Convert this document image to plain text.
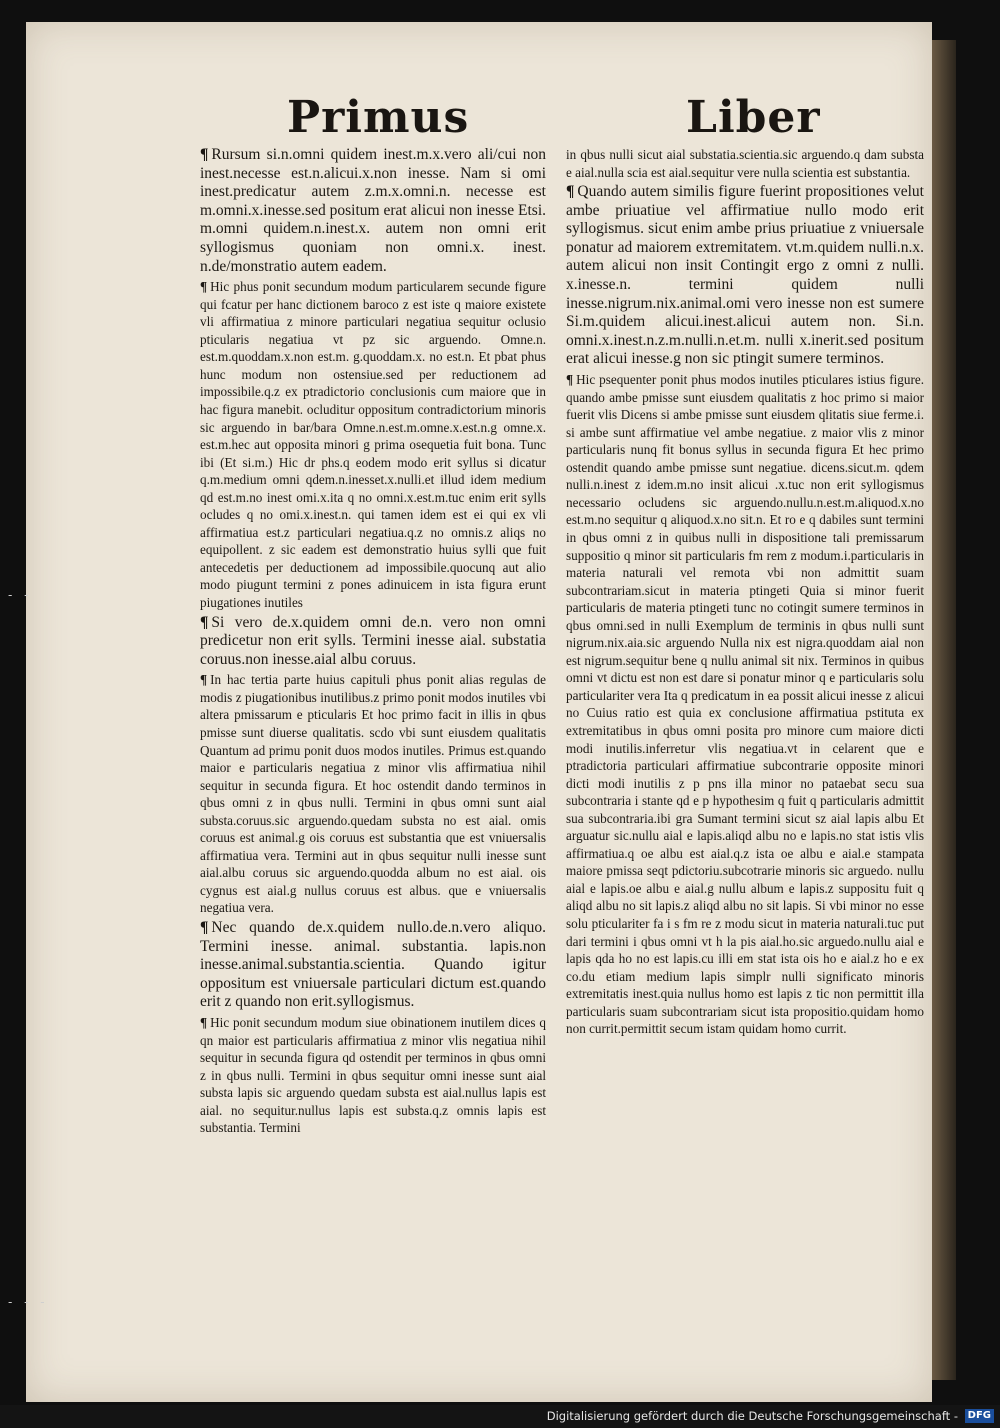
Primus	Liber

¶ Rursum si.n.omni quidem inest.m.x.vero ali/cui non inest.necesse est.n.alicui.x.non inesse. Nam si omi inest.predicatur autem z.m.x.omni.n. necesse est m.omni.x.inesse.sed positum erat alicui non inesse Etsi. m.omni quidem.n.inest.x. autem non omni erit syllogismus quoniam non omni.x. inest. n.de/monstratio autem eadem.

¶ Hic phus ponit secundum modum particularem secunde figure qui fcatur per hanc dictionem baroco z est iste q maiore existete vli affirmatiua z minore particulari negatiua sequitur oclusio pticularis negatiua vt pz sic arguendo. Omne.n. est.m.quoddam.x.non est.m. g.quoddam.x. no est.n. Et pbat phus hunc modum non ostensiue.sed per reductionem ad impossibile.q.z ex ptradictorio conclusionis cum maiore que in hac figura manebit. ocluditur oppositum contradictorium minoris sic arguendo in bar/bara Omne.n.est.m.omne.x.est.n.g omne.x. est.m.hec aut opposita minori g prima osequetia fuit bona. Tunc ibi (Et si.m.) Hic dr phs.q eodem modo erit syllus si dicatur q.m.medium omni qdem.n.inesset.x.nulli.et illud idem medium qd est.m.no inest omi.x.ita q no omni.x.est.m.tuc enim erit sylls ocludes q no omi.x.inest.n. qui tamen idem est ei qui ex vli affirmatiua est.z particulari negatiua.q.z no omnis.z aliqs no equipollent. z sic eadem est demonstratio huius sylli que fuit antecedetis per deductionem ad impossibile.quocunq aut alio modo piugunt termini z pones adinuicem in ista figura erunt piugationes inutiles

¶ Si vero de.x.quidem omni de.n. vero non omni predicetur non erit sylls. Termini inesse aial. substatia coruus.non inesse.aial albu coruus.

¶ In hac tertia parte huius capituli phus ponit alias regulas de modis z piugationibus inutilibus.z primo ponit modos inutiles vbi altera pmissarum e pticularis Et hoc primo facit in illis in qbus pmisse sunt diuerse qualitatis. scdo vbi sunt eiusdem qualitatis Quantum ad primu ponit duos modos inutiles. Primus est.quando maior e particularis negatiua z minor vlis affirmatiua nihil sequitur in secunda figura. Et hoc ostendit dando terminos in qbus omni z in qbus nulli. Termini in qbus omni sunt aial substa.coruus.sic arguendo.quedam substa no est aial. omis coruus est animal.g ois coruus est substantia que est vniuersalis affirmatiua vera. Termini aut in qbus sequitur nulli inesse sunt aial.albu coruus sic arguendo.quodda album no est aial. ois cygnus est aial.g nullus coruus est albus. que e vniuersalis negatiua vera.

¶ Nec quando de.x.quidem nullo.de.n.vero aliquo. Termini inesse. animal. substantia. lapis.non inesse.animal.substantia.scientia. Quando igitur oppositum est vniuersale particulari dictum est.quando erit z quando non erit.syllogismus.

¶ Hic ponit secundum modum siue obinationem inutilem dices q qn maior est particularis affirmatiua z minor vlis negatiua nihil sequitur in secunda figura qd ostendit per terminos in qbus omni z in qbus nulli. Termini in qbus sequitur omni inesse sunt aial substa lapis sic arguendo quedam substa est aial.nullus lapis est aial. no sequitur.nullus lapis est substa.q.z omnis lapis est substantia. Termini

in qbus nulli sicut aial substatia.scientia.sic arguendo.q dam substa e aial.nulla scia est aial.sequitur vere nulla scientia est substantia.

¶ Quando autem similis figure fuerint propositiones velut ambe priuatiue vel affirmatiue nullo modo erit syllogismus. sicut enim ambe prius priuatiue z vniuersale ponatur ad maiorem extremitatem. vt.m.quidem nulli.n.x. autem alicui non insit Contingit ergo z omni z nulli. x.inesse.n. termini quidem nulli inesse.nigrum.nix.animal.omi vero inesse non est sumere Si.m.quidem alicui.inest.alicui autem non. Si.n. omni.x.inest.n.z.m.nulli.n.et.m. nulli x.inerit.sed positum erat alicui inesse.g non sic ptingit sumere terminos.

¶ Hic psequenter ponit phus modos inutiles pticulares istius figure. quando ambe pmisse sunt eiusdem qualitatis z hoc primo si maior fuerit vlis Dicens si ambe pmisse sunt eiusdem qlitatis siue ferme.i. si ambe sunt affirmatiue vel ambe negatiue. z maior vlis z minor particularis nunq fit bonus syllus in secunda figura Et hec primo ostendit quando ambe pmisse sunt negatiue. dicens.sicut.m. qdem nulli.n.inest z idem.m.no insit alicui .x.tuc non erit syllogismus necessario ocludens sic arguendo.nullu.n.est.m.aliquod.x.no est.m.no sequitur q aliquod.x.no sit.n. Et ro e q dabiles sunt termini in qbus omni z in quibus nulli in dispositione tali premissarum suppositio q minor sit particularis fm rem z modum.i.particularis in materia naturali vel remota vbi non admittit suam subcontrariam.sicut in materia ptingeti Quia si minor fuerit particularis de materia ptingeti tunc no cotingit sumere terminos in qbus omni.sed in nulli Exemplum de terminis in qbus nulli sunt nigrum.nix.aia.sic arguendo Nulla nix est nigra.quoddam aial non est nigrum.sequitur bene q nullu animal sit nix. Terminos in quibus omni vt dictu est non est dare si ponatur minor q e particularis solu particulariter vera Ita q predicatum in ea possit alicui inesse z alicui no Cuius ratio est quia ex conclusione affirmatiua pstituta ex extremitatibus in qbus omni posita pro minore cum maiore dicti modi inutilis.inferretur vlis negatiua.vt in celarent que e ptradictoria particulari affirmatiue subcontrarie opposite minori dicti modi inutilis z p pns illa minor no pataebat secu sua subcontraria i stante qd e p hypothesim q fuit q particularis admittit sua subcontraria.ibi gra Sumant termini sicut sz aial lapis albu Et arguatur sic.nullu aial e lapis.aliqd albu no e lapis.no stat istis vlis affirmatiua.q oe albu est aial.q.z ista oe albu e aial.e stampata maiore pmissa seqt pdictoriu.subcotrarie minoris sic arguedo. nullu aial e lapis.oe albu e aial.g nullu album e lapis.z suppositu fuit q aliqd albu no sit lapis.z aliqd albu no sit lapis. Si vbi minor no esse solu pticulariter fa i s fm re z modu sicut in materia naturali.tuc put dari termini i qbus omni vt h la pis aial.ho.sic arguedo.nullu aial e lapis qda ho no est lapis.cu illi em stat ista ois ho e aial.z ho e ex co.du etiam medium lapis simplr nulli significato minoris extremitatis inest.quia nullus homo est lapis z tic non permittit illa particularis suam subcontrariam sicut ista propositio.quidam homo non currit.permittit secum istam quidam homo currit.

- -
- - -
Digitalisierung gefördert durch die Deutsche Forschungsgemeinschaft - DFG
